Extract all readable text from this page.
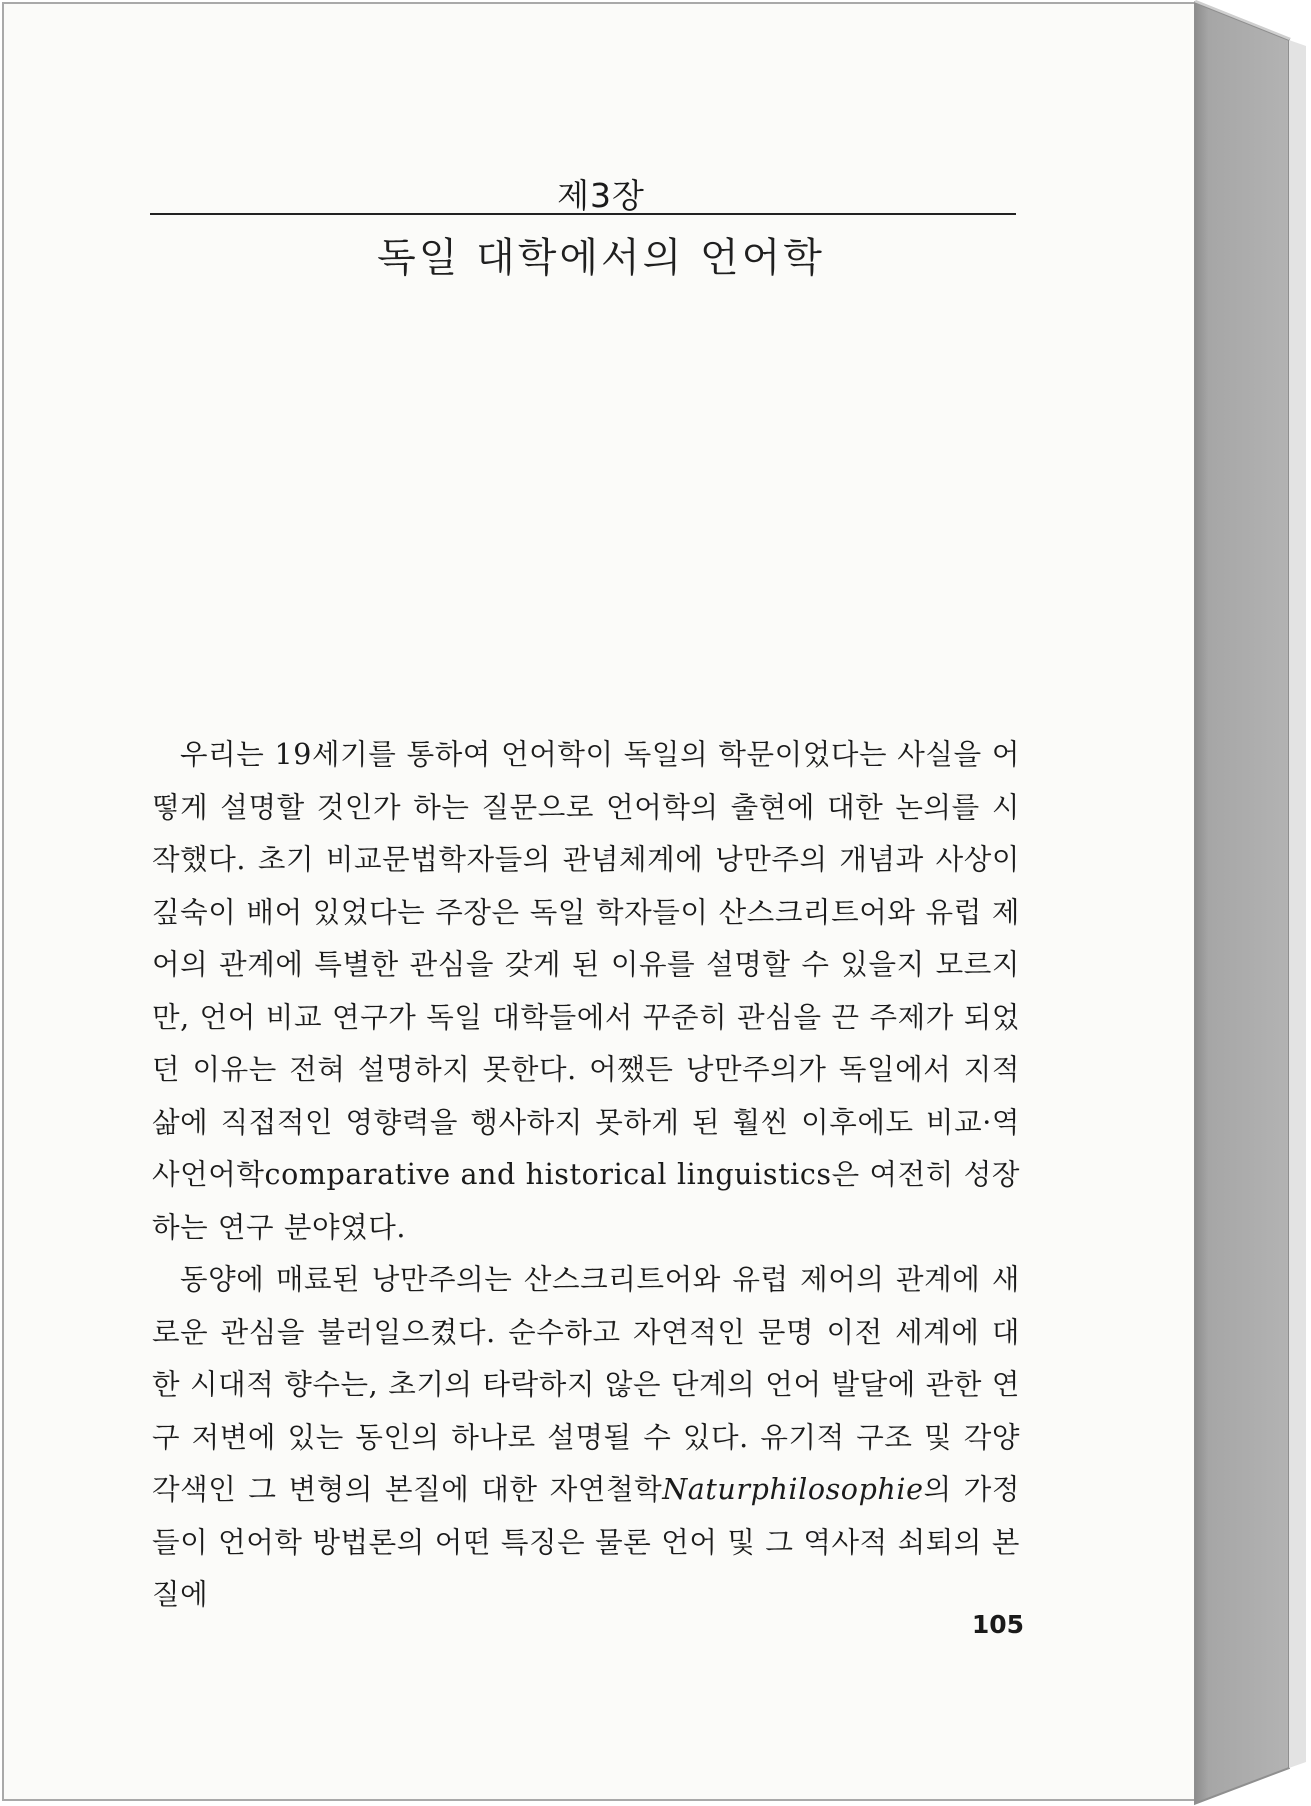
제3장
독일 대학에서의 언어학

우리는 19세기를 통하여 언어학이 독일의 학문이었다는 사실을 어떻게 설명할 것인가 하는 질문으로 언어학의 출현에 대한 논의를 시작했다. 초기 비교문법학자들의 관념체계에 낭만주의 개념과 사상이 깊숙이 배어 있었다는 주장은 독일 학자들이 산스크리트어와 유럽 제어의 관계에 특별한 관심을 갖게 된 이유를 설명할 수 있을지 모르지만, 언어 비교 연구가 독일 대학들에서 꾸준히 관심을 끈 주제가 되었던 이유는 전혀 설명하지 못한다. 어쨌든 낭만주의가 독일에서 지적 삶에 직접적인 영향력을 행사하지 못하게 된 훨씬 이후에도 비교·역사언어학comparative and historical linguistics은 여전히 성장하는 연구 분야였다.

동양에 매료된 낭만주의는 산스크리트어와 유럽 제어의 관계에 새로운 관심을 불러일으켰다. 순수하고 자연적인 문명 이전 세계에 대한 시대적 향수는, 초기의 타락하지 않은 단계의 언어 발달에 관한 연구 저변에 있는 동인의 하나로 설명될 수 있다. 유기적 구조 및 각양각색인 그 변형의 본질에 대한 자연철학Naturphilosophie의 가정들이 언어학 방법론의 어떤 특징은 물론 언어 및 그 역사적 쇠퇴의 본질에

105
